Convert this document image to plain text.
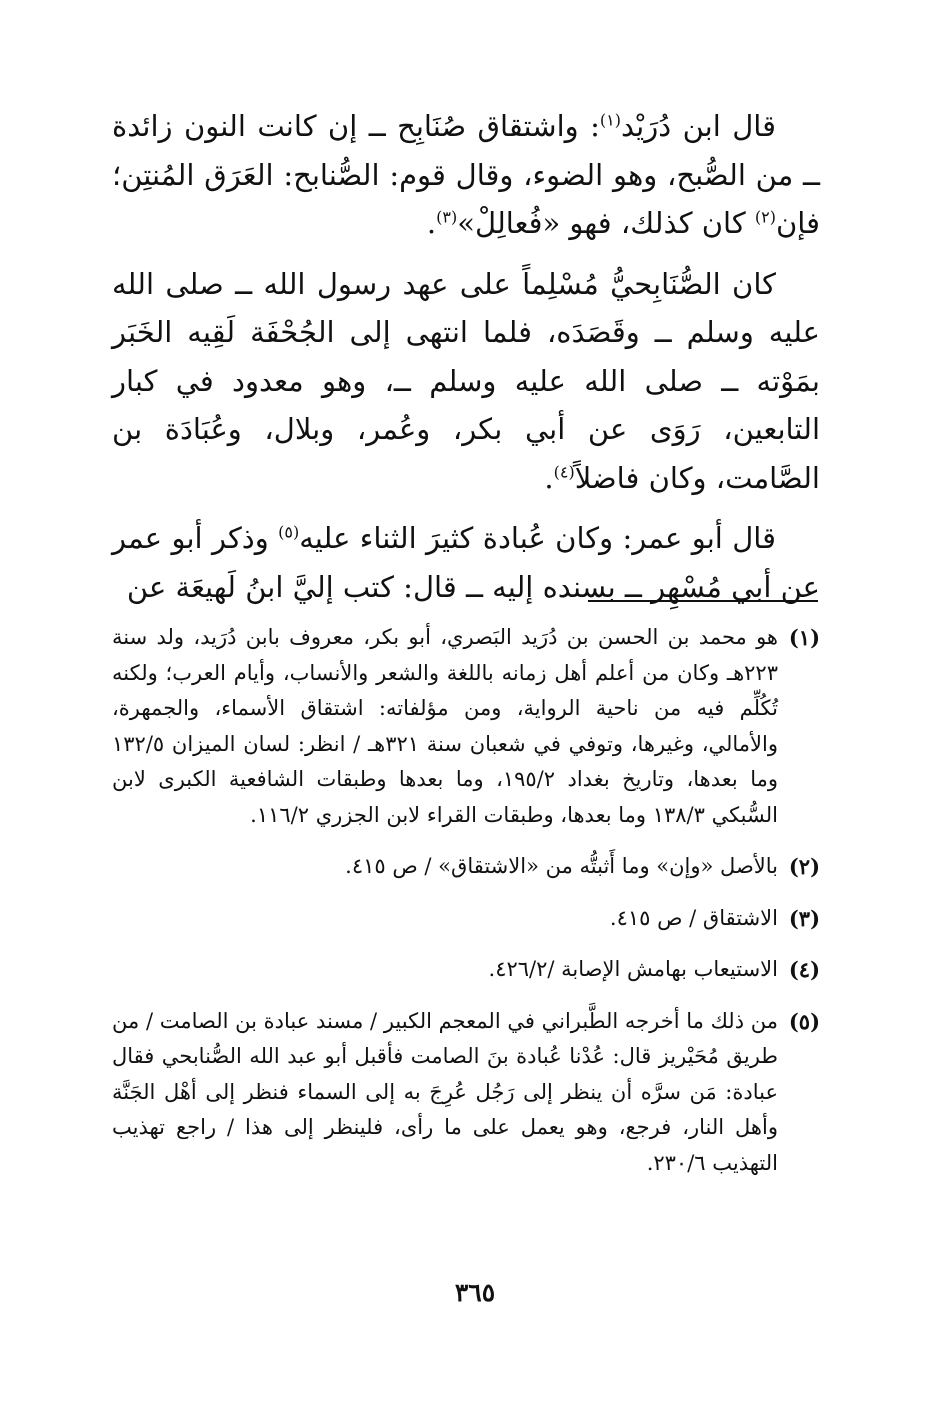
قال ابن دُرَيْد$^{(١)}$: واشتقاق صُنَابِح ــ إن كانت النون زائدة ــ من الصُّبح، وهو الضوء، وقال قوم: الصُّنابح: العَرَق المُنتِن؛ فإن$^{(٢)}$ كان كذلك، فهو «فُعالِلْ»$^{(٣)}$.

كان الصُّنَابِحيُّ مُسْلِماً على عهد رسول الله ــ صلى الله عليه وسلم ــ وقَصَدَه، فلما انتهى إلى الجُحْفَة لَقِيه الخَبَر بمَوْته ــ صلى الله عليه وسلم ــ، وهو معدود في كبار التابعين، رَوَى عن أبي بكر، وعُمر، وبلال، وعُبَادَة بن الصَّامت، وكان فاضلاً$^{(٤)}$.

قال أبو عمر: وكان عُبادة كثيرَ الثناء عليه$^{(٥)}$ وذكر أبو عمر عن أبي مُسْهِر ــ بسنده إليه ــ قال: كتب إليَّ ابنُ لَهيعَة عن

(١)
هو محمد بن الحسن بن دُرَيد البَصري، أبو بكر، معروف بابن دُرَيد، ولد سنة ٢٢٣هـ وكان من أعلم أهل زمانه باللغة والشعر والأنساب، وأيام العرب؛ ولكنه تُكُلِّم فيه من ناحية الرواية، ومن مؤلفاته: اشتقاق الأسماء، والجمهرة، والأمالي، وغيرها، وتوفي في شعبان سنة ٣٢١هـ / انظر: لسان الميزان ١٣٢/٥ وما بعدها، وتاريخ بغداد ١٩٥/٢، وما بعدها وطبقات الشافعية الكبرى لابن السُّبكي ١٣٨/٣ وما بعدها، وطبقات القراء لابن الجزري ١١٦/٢.
(٢)
بالأصل «وإن» وما أَثبتُّه من «الاشتقاق» / ص ٤١٥.
(٣)
الاشتقاق / ص ٤١٥.
(٤)
الاستيعاب بهامش الإصابة /٤٢٦/٢.
(٥)
من ذلك ما أخرجه الطَّبراني في المعجم الكبير / مسند عبادة بن الصامت / من طريق مُحَيْريز قال: عُدْنا عُبادة بنَ الصامت فأقبل أبو عبد الله الصُّنابحي فقال عبادة: مَن سرَّه أن ينظر إلى رَجُل عُرِجَ به إلى السماء فنظر إلى أهْل الجَنَّة وأهل النار، فرجع، وهو يعمل على ما رأى، فلينظر إلى هذا / راجع تهذيب التهذيب ٢٣٠/٦.
٣٦٥
